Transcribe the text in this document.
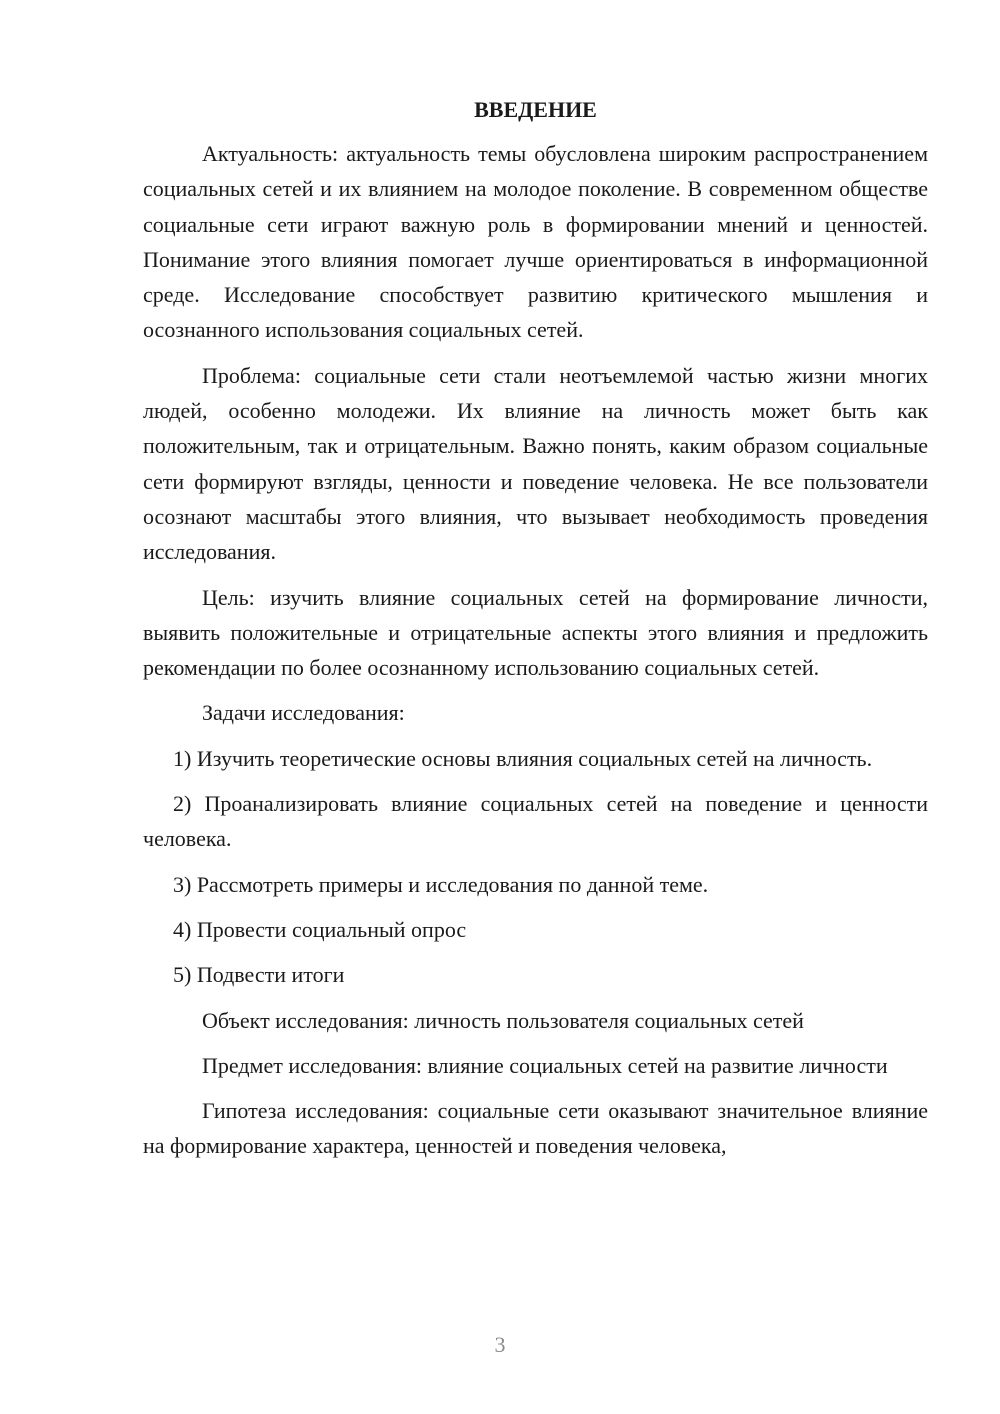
ВВЕДЕНИЕ

Актуальность: актуальность темы обусловлена широким распространением социальных сетей и их влиянием на молодое поколение. В современном обществе социальные сети играют важную роль в формировании мнений и ценностей. Понимание этого влияния помогает лучше ориентироваться в информационной среде. Исследование способствует развитию критического мышления и осознанного использования социальных сетей.

Проблема: социальные сети стали неотъемлемой частью жизни многих людей, особенно молодежи. Их влияние на личность может быть как положительным, так и отрицательным. Важно понять, каким образом социальные сети формируют взгляды, ценности и поведение человека. Не все пользователи осознают масштабы этого влияния, что вызывает необходимость проведения исследования.

Цель: изучить влияние социальных сетей на формирование личности, выявить положительные и отрицательные аспекты этого влияния и предложить рекомендации по более осознанному использованию социальных сетей.

Задачи исследования:

1) Изучить теоретические основы влияния социальных сетей на личность.

2) Проанализировать влияние социальных сетей на поведение и ценности человека.

3) Рассмотреть примеры и исследования по данной теме.

4) Провести социальный опрос

5) Подвести итоги

Объект исследования: личность пользователя социальных сетей

Предмет исследования: влияние социальных сетей на развитие личности

Гипотеза исследования: социальные сети оказывают значительное влияние на формирование характера, ценностей и поведения человека,

3
